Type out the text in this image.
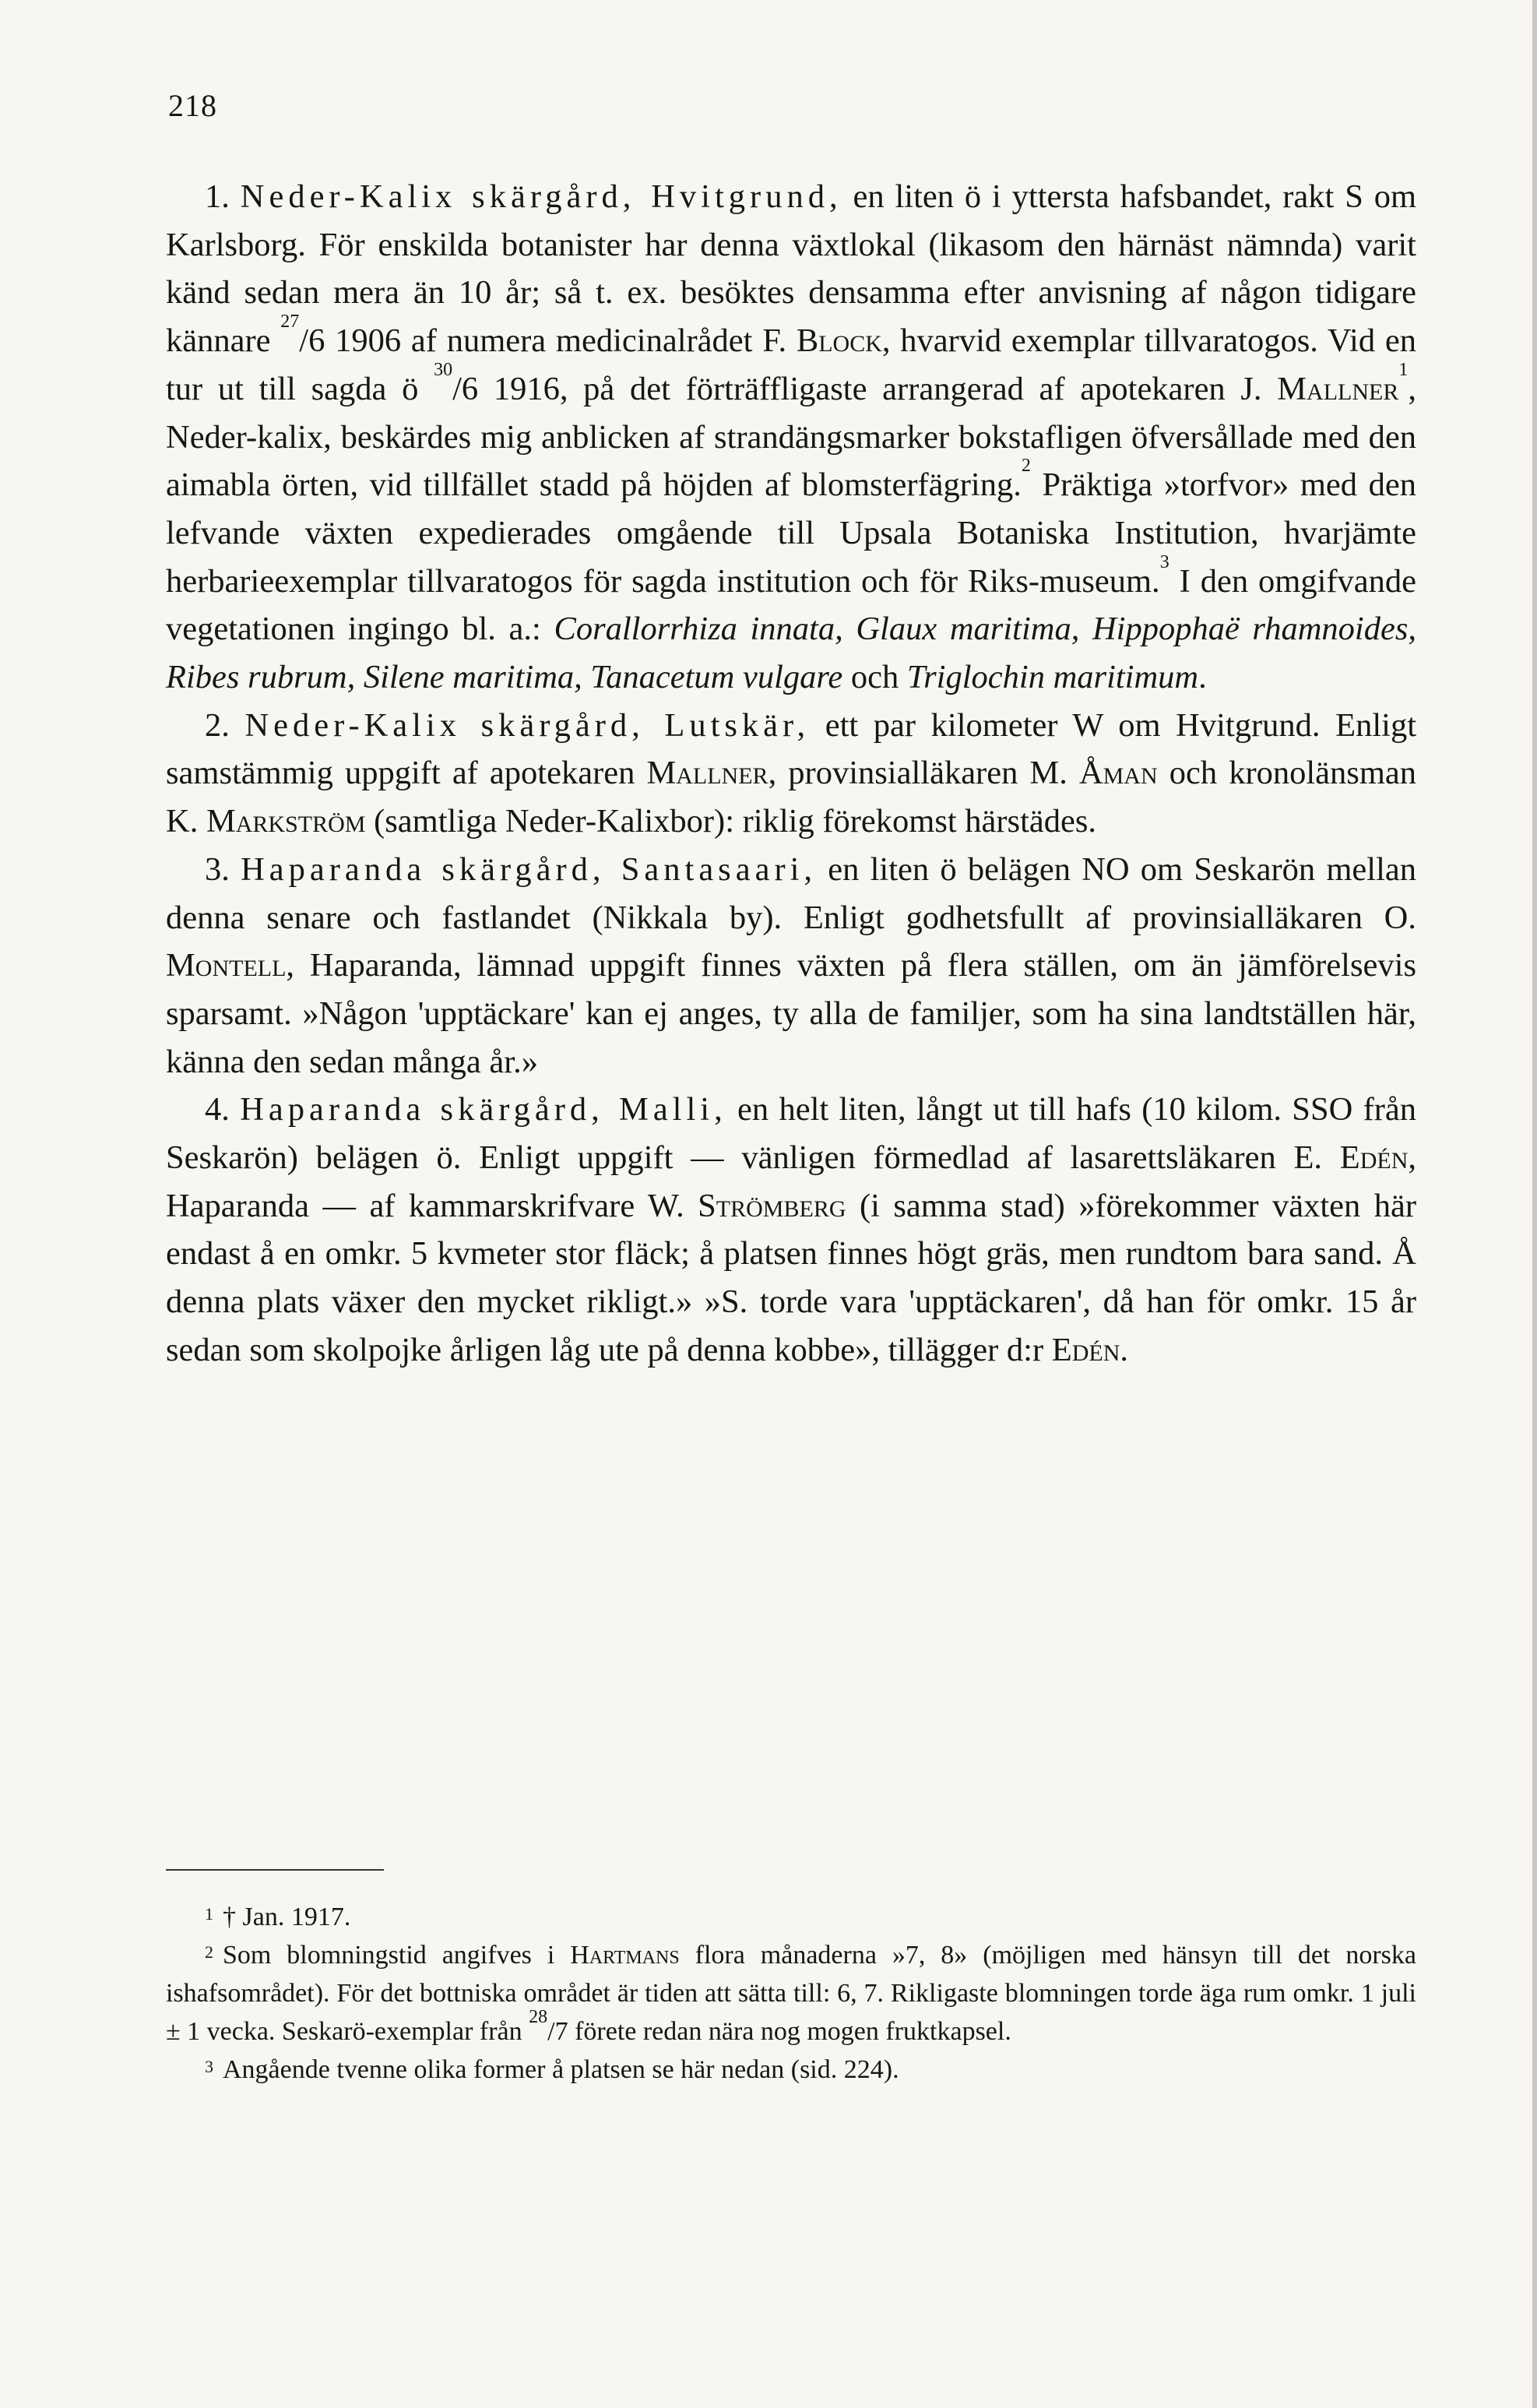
218

1. Neder-Kalix skärgård, Hvitgrund, en liten ö i yttersta hafsbandet, rakt S om Karlsborg. För enskilda botanister har denna växtlokal (likasom den härnäst nämnda) varit känd sedan mera än 10 år; så t. ex. besöktes densamma efter anvisning af någon tidigare kännare $^{27}$/6 1906 af numera medicinalrådet F. Block, hvarvid exemplar tillvaratogos. Vid en tur ut till sagda ö $^{30}$/6 1916, på det förträffligaste arrangerad af apotekaren J. Mallner$^1$, Neder-kalix, beskärdes mig anblicken af strandängsmarker bokstafligen öfversållade med den aimabla örten, vid tillfället stadd på höjden af blomsterfägring.$^2$ Präktiga »torfvor» med den lefvande växten expedierades omgående till Upsala Botaniska Institution, hvarjämte herbarieexemplar tillvaratogos för sagda institution och för Riks-museum.$^3$ I den omgifvande vegetationen ingingo bl. a.: Corallorrhiza innata, Glaux maritima, Hippophaë rhamnoides, Ribes rubrum, Silene maritima, Tanacetum vulgare och Triglochin maritimum.

2. Neder-Kalix skärgård, Lutskär, ett par kilometer W om Hvitgrund. Enligt samstämmig uppgift af apotekaren Mallner, provinsialläkaren M. Åman och kronolänsman K. Markström (samtliga Neder-Kalixbor): riklig förekomst härstädes.

3. Haparanda skärgård, Santasaari, en liten ö belägen NO om Seskarön mellan denna senare och fastlandet (Nikkala by). Enligt godhetsfullt af provinsialläkaren O. Montell, Haparanda, lämnad uppgift finnes växten på flera ställen, om än jämförelsevis sparsamt. »Någon 'upptäckare' kan ej anges, ty alla de familjer, som ha sina landtställen här, känna den sedan många år.»

4. Haparanda skärgård, Malli, en helt liten, långt ut till hafs (10 kilom. SSO från Seskarön) belägen ö. Enligt uppgift — vänligen förmedlad af lasarettsläkaren E. Edén, Haparanda — af kammarskrifvare W. Strömberg (i samma stad) »förekommer växten här endast å en omkr. 5 kvmeter stor fläck; å platsen finnes högt gräs, men rundtom bara sand. Å denna plats växer den mycket rikligt.» »S. torde vara 'upptäckaren', då han för omkr. 15 år sedan som skolpojke årligen låg ute på denna kobbe», tillägger d:r Edén.

$^1$ † Jan. 1917.

$^2$ Som blomningstid angifves i Hartmans flora månaderna »7, 8» (möjligen med hänsyn till det norska ishafsområdet). För det bottniska området är tiden att sätta till: 6, 7. Rikligaste blomningen torde äga rum omkr. 1 juli ± 1 vecka. Seskarö-exemplar från $^{28}$/7 förete redan nära nog mogen fruktkapsel.

$^3$ Angående tvenne olika former å platsen se här nedan (sid. 224).
